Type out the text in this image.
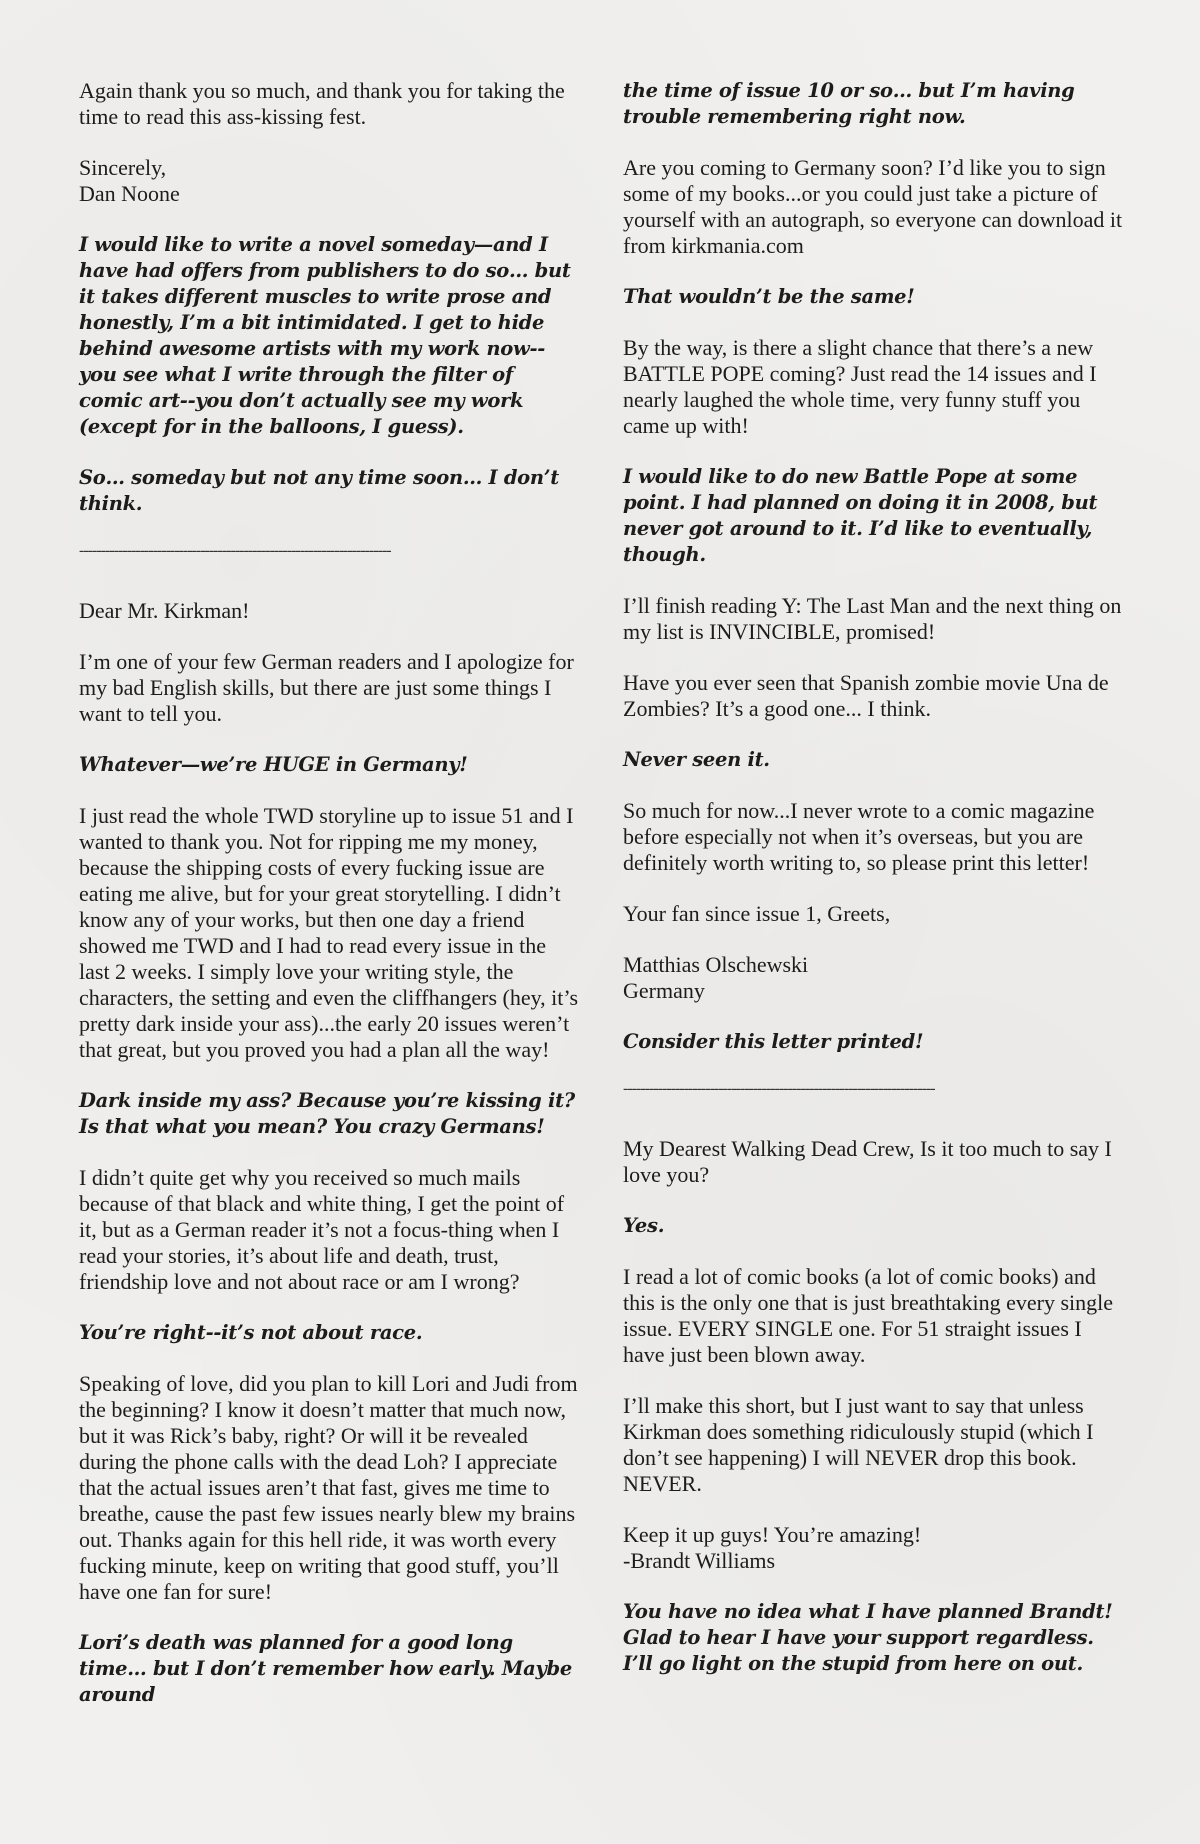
Again thank you so much, and thank you for taking the time to read this ass-kissing fest.

Sincerely,
Dan Noone

I would like to write a novel someday—and I have had offers from publishers to do so… but it takes different muscles to write prose and honestly, I’m a bit intimidated. I get to hide behind awesome artists with my work now--you see what I write through the filter of comic art--you don’t actually see my work (except for in the balloons, I guess).

So… someday but not any time soon… I don’t think.

------------------------------------------------------------------------

Dear Mr. Kirkman!

I’m one of your few German readers and I apologize for my bad English skills, but there are just some things I want to tell you.

Whatever—we’re HUGE in Germany!

I just read the whole TWD storyline up to issue 51 and I wanted to thank you. Not for ripping me my money, because the shipping costs of every fucking issue are eating me alive, but for your great storytelling. I didn’t know any of your works, but then one day a friend showed me TWD and I had to read every issue in the last 2 weeks. I simply love your writing style, the characters, the setting and even the cliffhangers (hey, it’s pretty dark inside your ass)...the early 20 issues weren’t that great, but you proved you had a plan all the way!

Dark inside my ass? Because you’re kissing it? Is that what you mean? You crazy Germans!

I didn’t quite get why you received so much mails because of that black and white thing, I get the point of it, but as a German reader it’s not a focus-thing when I read your stories, it’s about life and death, trust, friendship love and not about race or am I wrong?

You’re right--it’s not about race.

Speaking of love, did you plan to kill Lori and Judi from the beginning? I know it doesn’t matter that much now, but it was Rick’s baby, right? Or will it be revealed during the phone calls with the dead Loh? I appreciate that the actual issues aren’t that fast, gives me time to breathe, cause the past few issues nearly blew my brains out. Thanks again for this hell ride, it was worth every fucking minute, keep on writing that good stuff, you’ll have one fan for sure!

Lori’s death was planned for a good long time… but I don’t remember how early. Maybe around

the time of issue 10 or so… but I’m having trouble remembering right now.

Are you coming to Germany soon? I’d like you to sign some of my books...or you could just take a picture of yourself with an autograph, so everyone can download it from kirkmania.com

That wouldn’t be the same!

By the way, is there a slight chance that there’s a new BATTLE POPE coming? Just read the 14 issues and I nearly laughed the whole time, very funny stuff you came up with!

I would like to do new Battle Pope at some point. I had planned on doing it in 2008, but never got around to it. I’d like to eventually, though.

I’ll finish reading Y: The Last Man and the next thing on my list is INVINCIBLE, promised!

Have you ever seen that Spanish zombie movie Una de Zombies? It’s a good one... I think.

Never seen it.

So much for now...I never wrote to a comic magazine before especially not when it’s overseas, but you are definitely worth writing to, so please print this letter!

Your fan since issue 1, Greets,

Matthias Olschewski
Germany

Consider this letter printed!

------------------------------------------------------------------------

My Dearest Walking Dead Crew, Is it too much to say I love you?

Yes.

I read a lot of comic books (a lot of comic books) and this is the only one that is just breathtaking every single issue. EVERY SINGLE one. For 51 straight issues I have just been blown away.

I’ll make this short, but I just want to say that unless Kirkman does something ridiculously stupid (which I don’t see happening) I will NEVER drop this book. NEVER.

Keep it up guys! You’re amazing!
-Brandt Williams

You have no idea what I have planned Brandt! Glad to hear I have your support regardless. I’ll go light on the stupid from here on out.
